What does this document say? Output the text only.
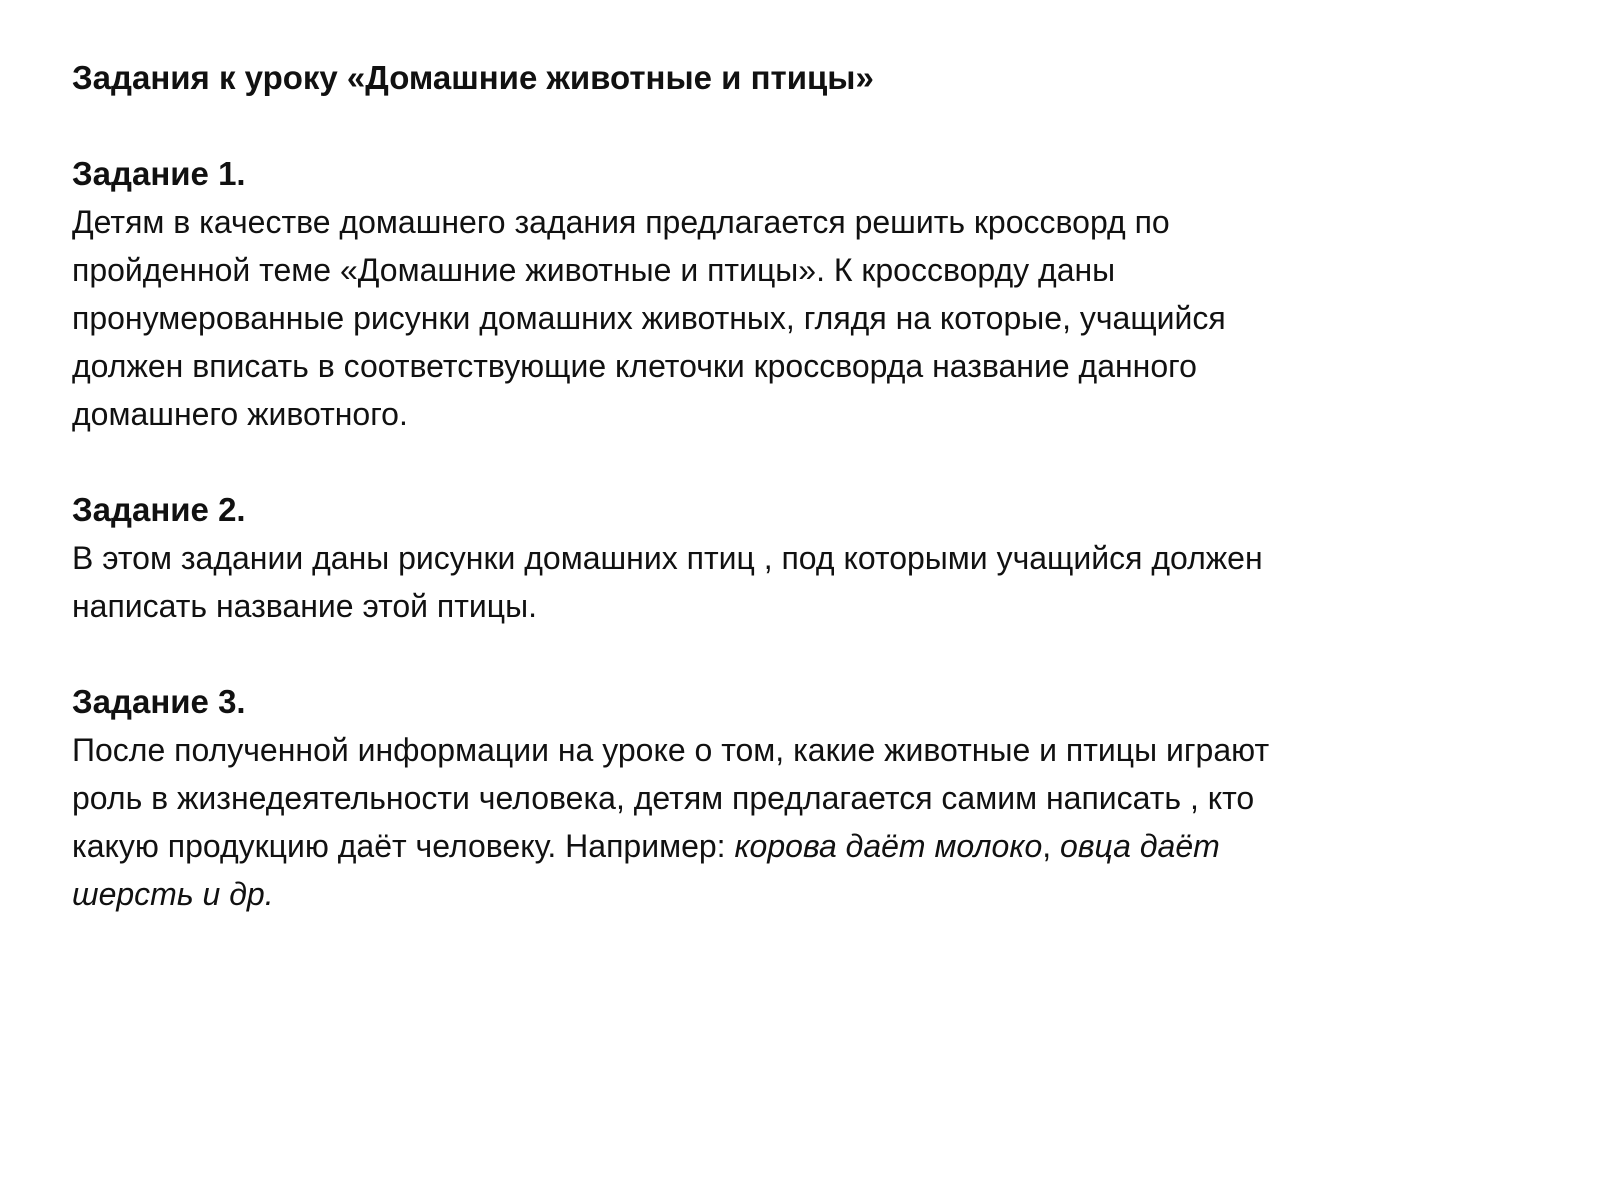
Задания к уроку «Домашние животные и птицы»

Задание 1.

Детям в качестве домашнего задания предлагается решить кроссворд по

пройденной теме «Домашние животные и птицы». К кроссворду даны

пронумерованные рисунки домашних животных, глядя на которые, учащийся

должен вписать в соответствующие клеточки кроссворда название данного

домашнего животного.

Задание 2.

В этом задании даны рисунки домашних птиц , под которыми учащийся должен

написать название этой птицы.

Задание 3.

После полученной информации на уроке о том, какие животные и птицы играют

роль в жизнедеятельности человека, детям предлагается самим написать , кто

какую продукцию даёт человеку. Например: корова даёт молоко, овца даёт

шерсть и др.
